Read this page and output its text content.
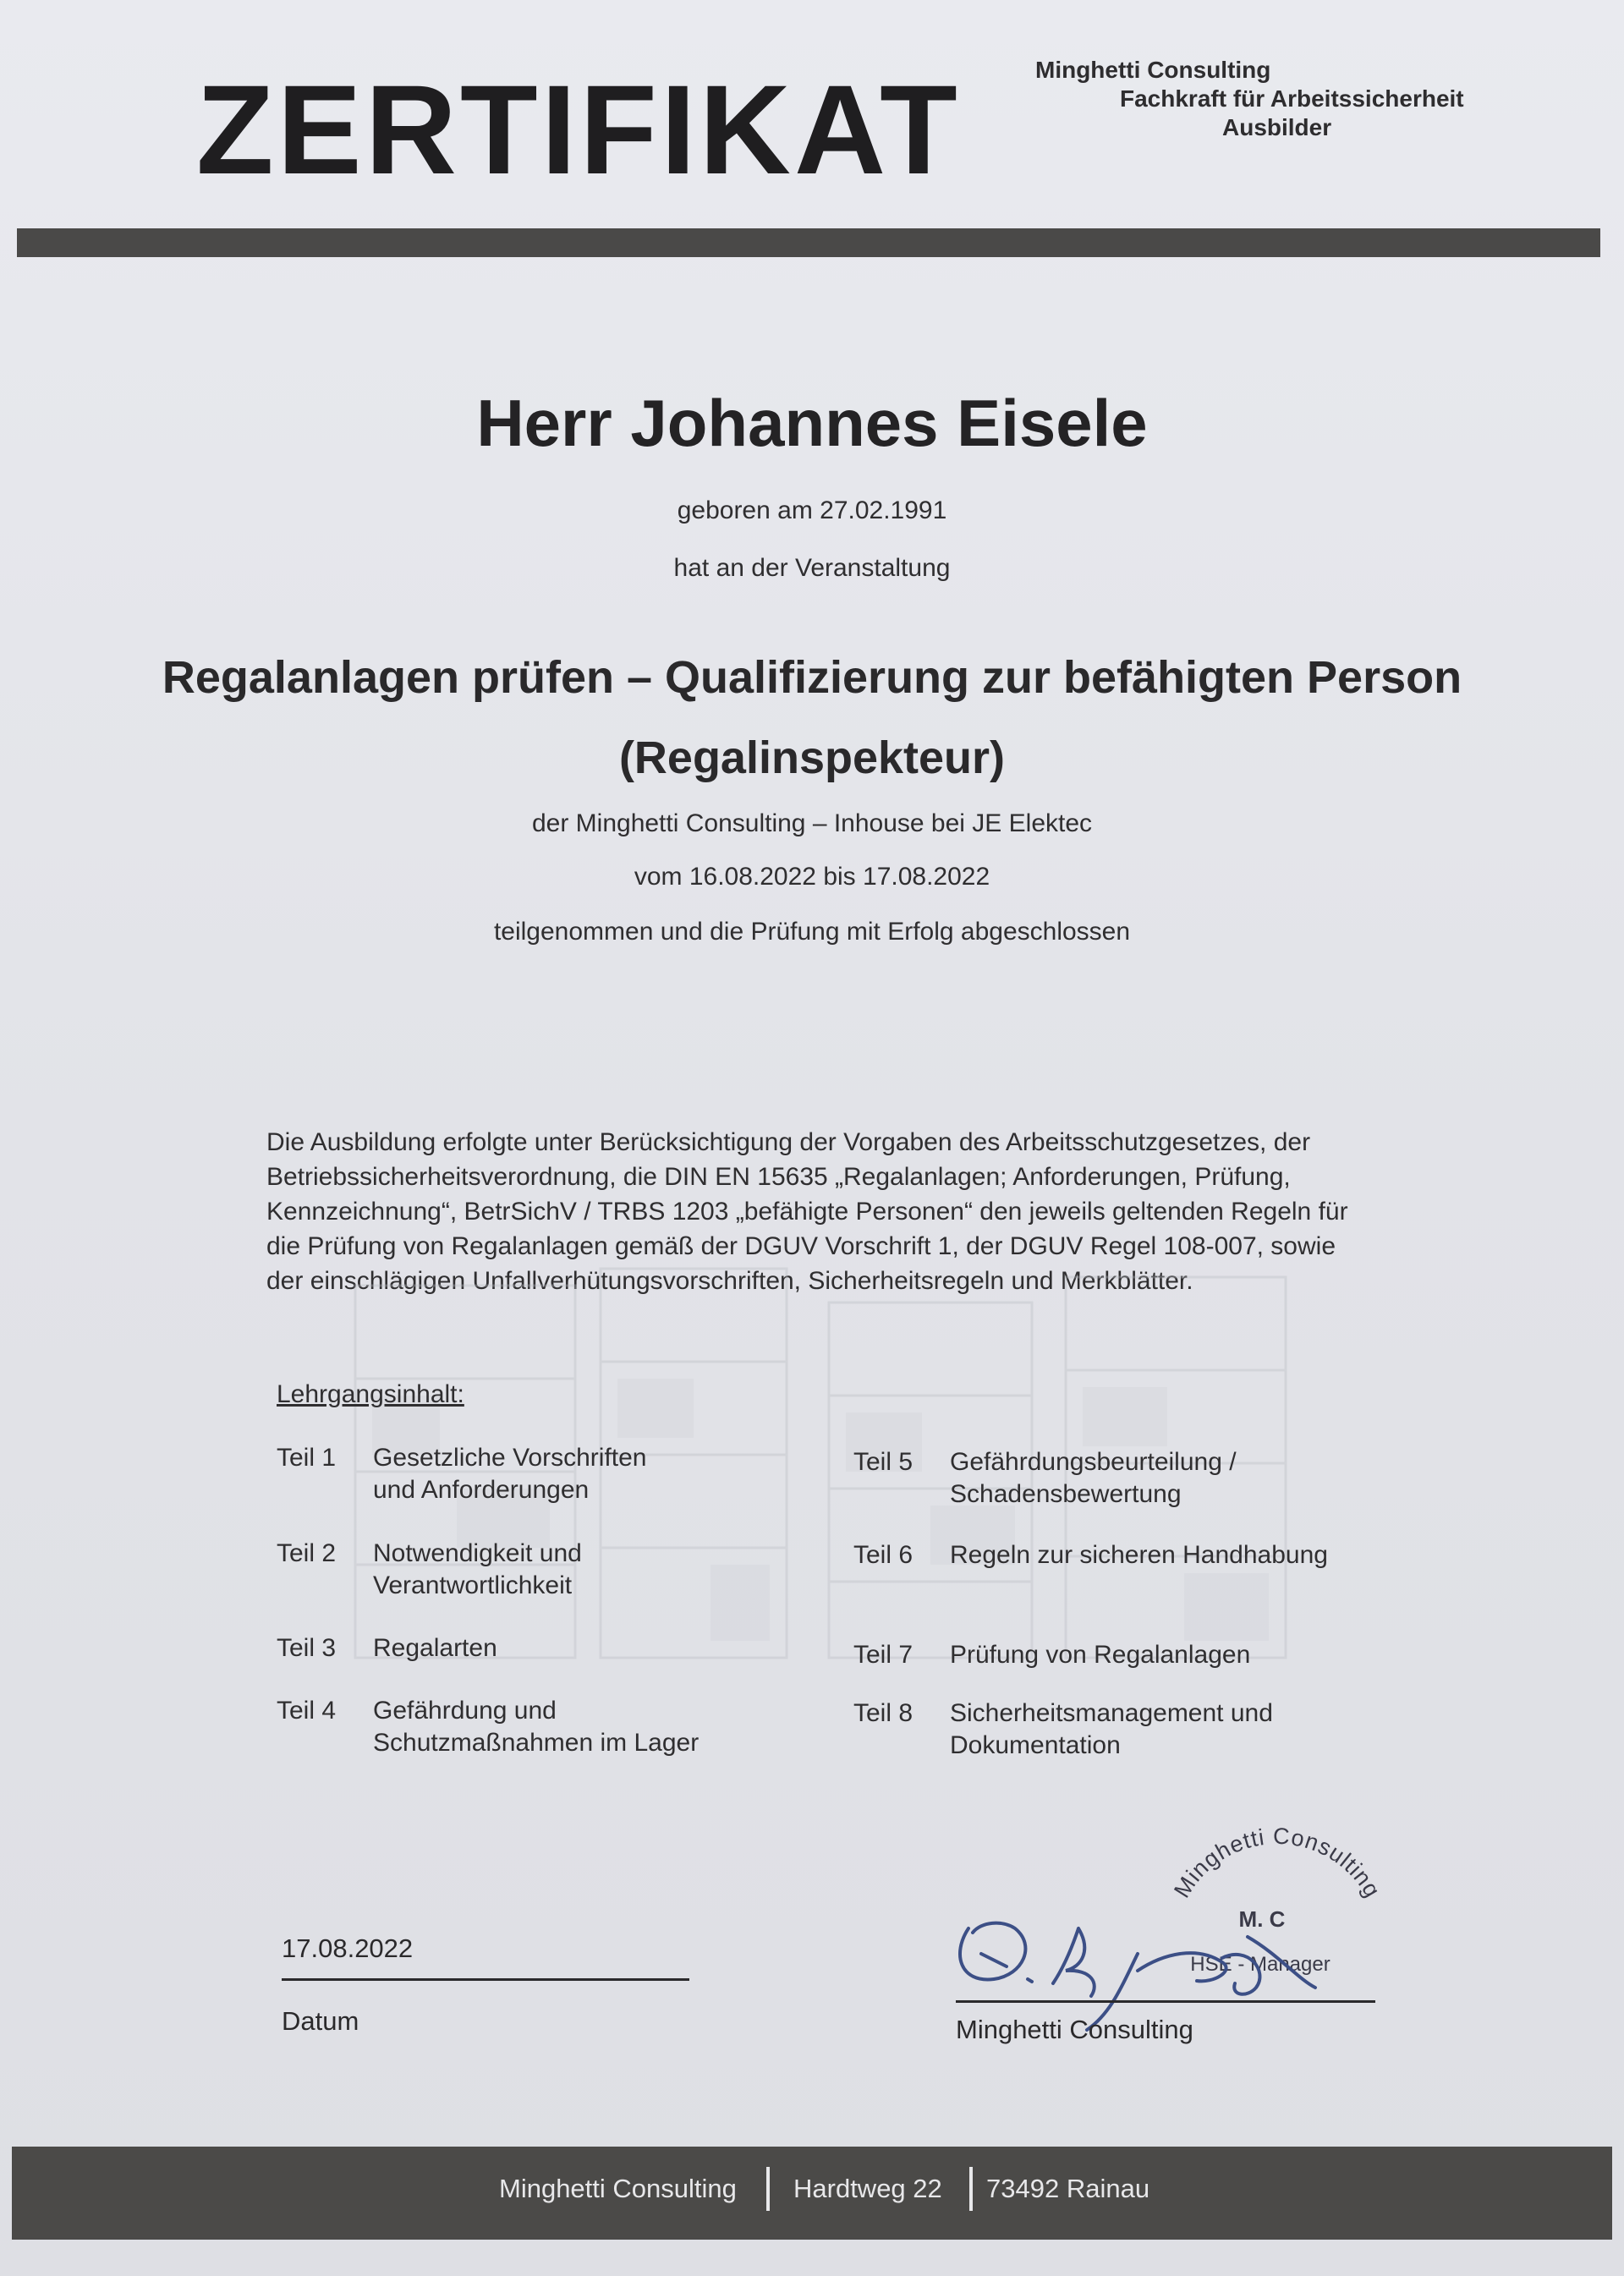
ZERTIFIKAT	Minghetti Consulting
Fachkraft für Arbeitssicherheit
Ausbilder
Herr Johannes Eisele
geboren am 27.02.1991
hat an der Veranstaltung
Regalanlagen prüfen – Qualifizierung zur befähigten Person
(Regalinspekteur)
der Minghetti Consulting – Inhouse bei JE Elektec
vom 16.08.2022 bis 17.08.2022
teilgenommen und die Prüfung mit Erfolg abgeschlossen
Die Ausbildung erfolgte unter Berücksichtigung der Vorgaben des Arbeitsschutzgesetzes, der
Betriebssicherheitsverordnung, die DIN EN 15635 „Regalanlagen; Anforderungen, Prüfung,
Kennzeichnung“, BetrSichV / TRBS 1203 „befähigte Personen“ den jeweils geltenden Regeln für
die Prüfung von Regalanlagen gemäß der DGUV Vorschrift 1, der DGUV Regel 108-007, sowie
der einschlägigen Unfallverhütungsvorschriften, Sicherheitsregeln und Merkblätter.
Lehrgangsinhalt:
Teil 1 Gesetzliche Vorschriften
und Anforderungen
Teil 2 Notwendigkeit und
Verantwortlichkeit
Teil 3 Regalarten
Teil 4 Gefährdung und
Schutzmaßnahmen im Lager
Teil 5 Gefährdungsbeurteilung /
Schadensbewertung
Teil 6 Regeln zur sicheren Handhabung
Teil 7 Prüfung von Regalanlagen
Teil 8 Sicherheitsmanagement und
Dokumentation
17.08.2022
Datum
Minghetti Consulting
M. C
HSE - Manager
Minghetti Consulting
Minghetti Consulting Hardtweg 22 73492 Rainau
